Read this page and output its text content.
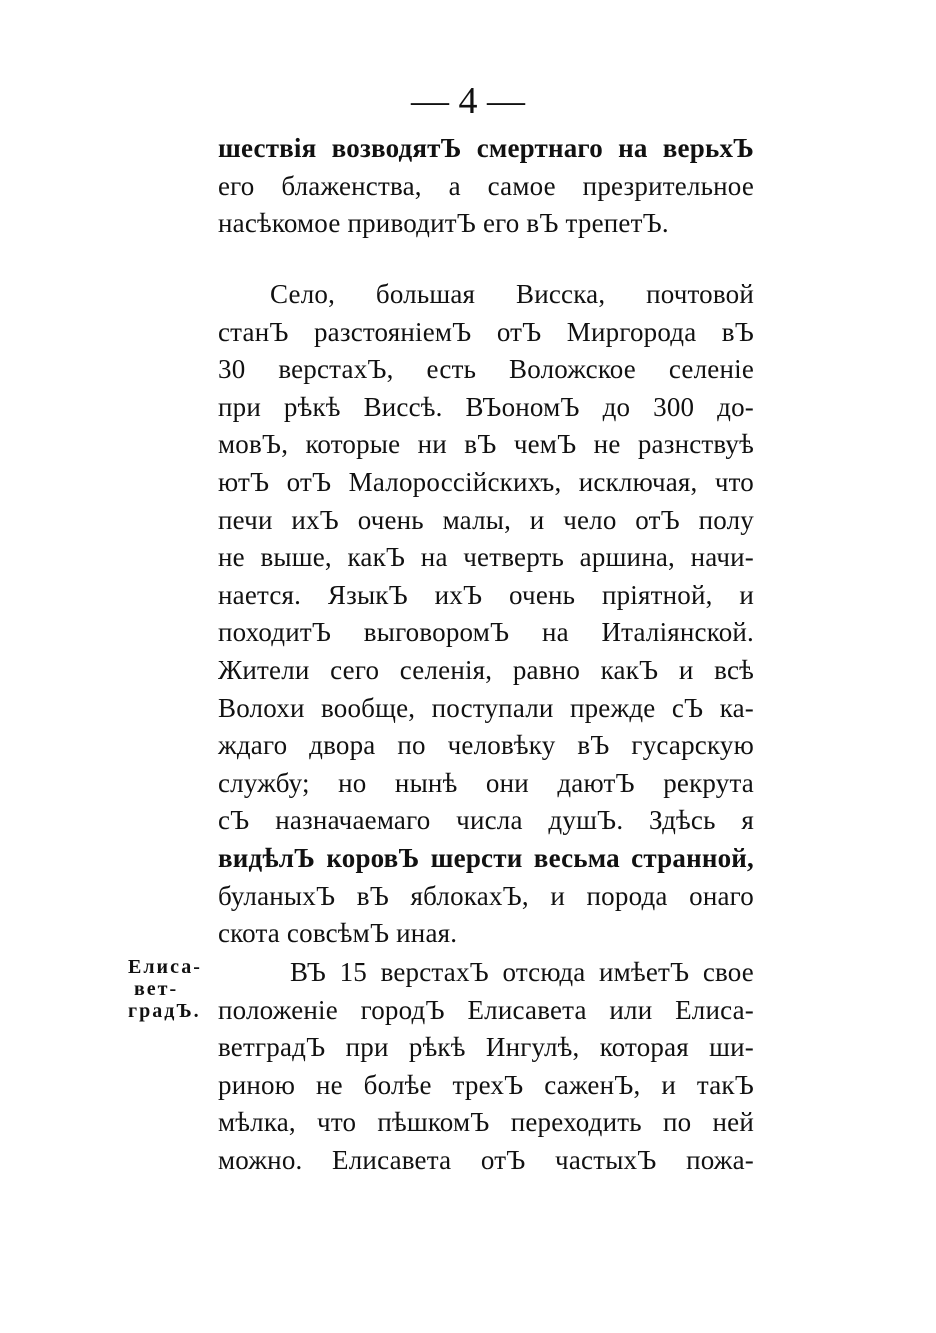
— 4 —
шествія возводятЪ смертнаго на верьхЪ
его блаженства, а самое презрительное
насѣкомое приводитЪ его вЪ трепетЪ.
Село, большая Висска, почтовой
станЪ разстояніемЪ отЪ Миргорода вЪ
30 верстахЪ, есть Воложское селеніе
при рѣкѣ Виссѣ. ВЪономЪ до 300 до-
мовЪ, которые ни вЪ чемЪ не разнствуѣ
ютЪ отЪ Малороссійскихъ, исключая, что
печи ихЪ очень малы, и чело отЪ полу
не выше, какЪ на четверть аршина, начи-
нается. ЯзыкЪ ихЪ очень пріятной, и
походитЪ выговоромЪ на Италіянской.
Жители сего селенія, равно какЪ и всѣ
Волохи вообще, поступали прежде сЪ ка-
ждаго двора по человѣку вЪ гусарскую
службу; но нынѣ они даютЪ рекрута
сЪ назначаемаго числа душЪ. Здѣсь я
видѣлЪ коровЪ шерсти весьма странной,
буланыхЪ вЪ яблокахЪ, и порода онаго
скота совсѣмЪ иная.
Елиса-
вет-
градЪ.
ВЪ 15 верстахЪ отсюда имѣетЪ свое
положеніе городЪ Елисавета или Елиса-
ветградЪ при рѣкѣ Ингулѣ, которая ши-
риною не болѣе трехЪ саженЪ, и такЪ
мѣлка, что пѣшкомЪ переходить по ней
можно. Елисавета отЪ частыхЪ пожа-
